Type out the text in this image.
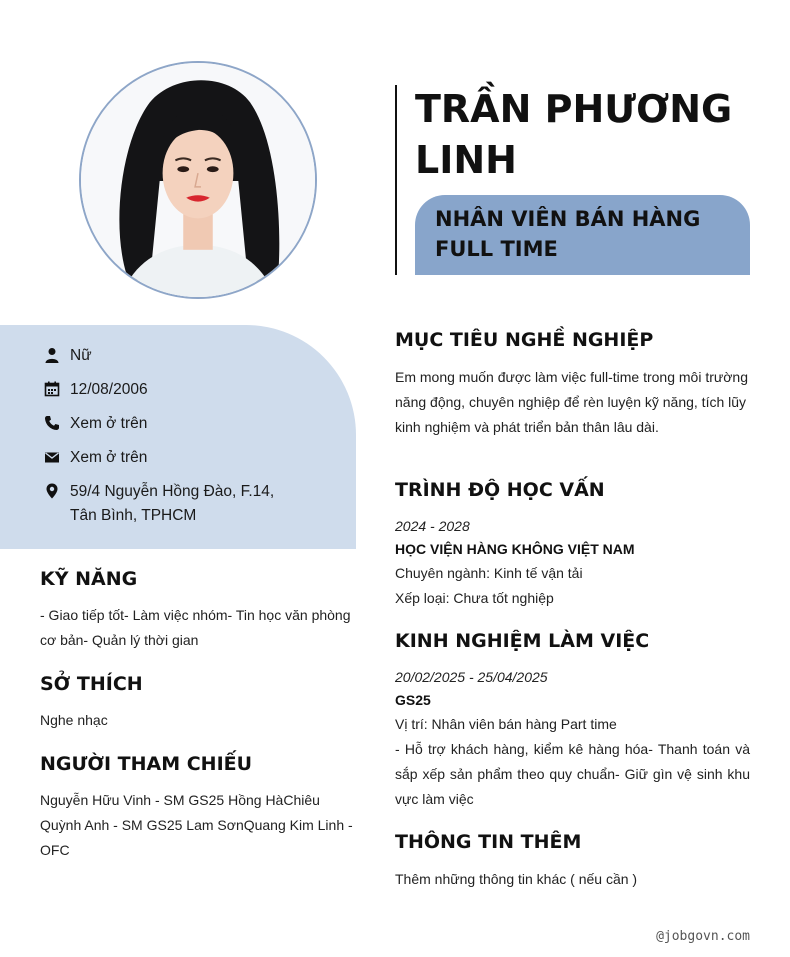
TRẦN PHƯƠNG LINH
NHÂN VIÊN BÁN HÀNG
FULL TIME
Nữ
12/08/2006
Xem ở trên
Xem ở trên
59/4 Nguyễn Hồng Đào, F.14,
Tân Bình, TPHCM
KỸ NĂNG
- Giao tiếp tốt- Làm việc nhóm- Tin học văn phòng cơ bản- Quản lý thời gian
SỞ THÍCH
Nghe nhạc
NGƯỜI THAM CHIẾU
Nguyễn Hữu Vinh - SM GS25 Hồng HàChiêu Quỳnh Anh - SM GS25 Lam SơnQuang Kim Linh - OFC
MỤC TIÊU NGHỀ NGHIỆP
Em mong muốn được làm việc full-time trong môi trường năng động, chuyên nghiệp để rèn luyện kỹ năng, tích lũy kinh nghiệm và phát triển bản thân lâu dài.
TRÌNH ĐỘ HỌC VẤN
2024 - 2028
HỌC VIỆN HÀNG KHÔNG VIỆT NAM
Chuyên ngành: Kinh tế vận tải
Xếp loại: Chưa tốt nghiệp
KINH NGHIỆM LÀM VIỆC
20/02/2025 - 25/04/2025
GS25
Vị trí: Nhân viên bán hàng Part time
- Hỗ trợ khách hàng, kiểm kê hàng hóa- Thanh toán và sắp xếp sản phẩm theo quy chuẩn- Giữ gìn vệ sinh khu vực làm việc
THÔNG TIN THÊM
Thêm những thông tin khác ( nếu cần )
@jobgovn.com
